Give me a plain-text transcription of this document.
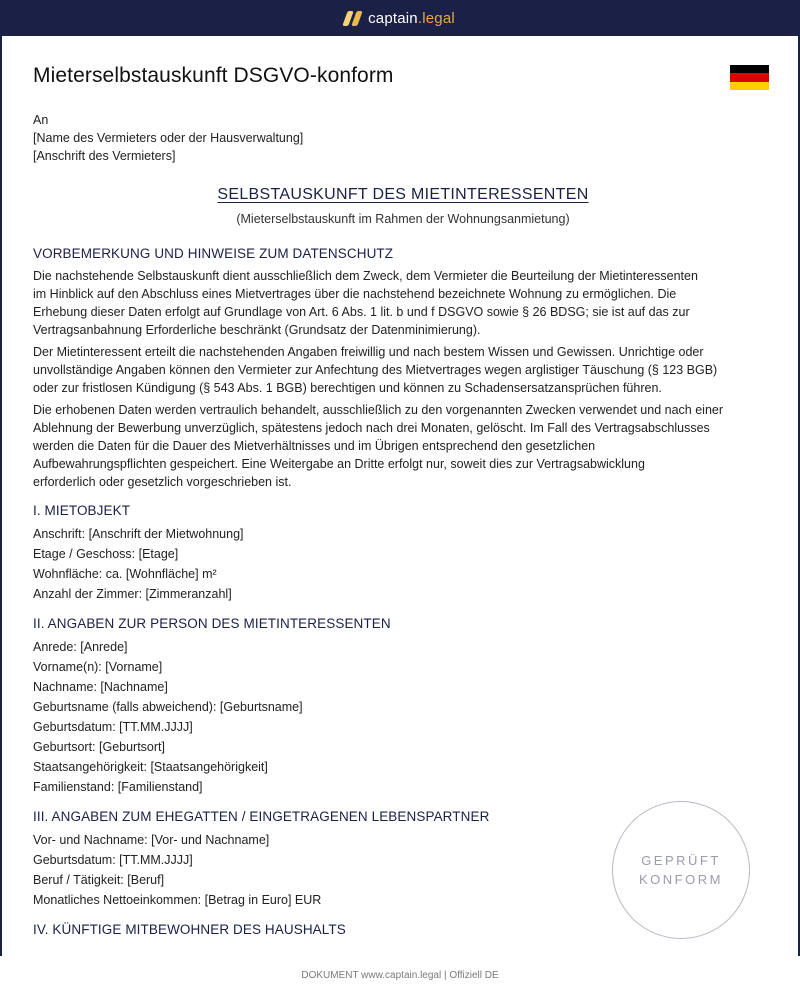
captain.legal
Mieterselbstauskunft DSGVO-konform

An

[Name des Vermieters oder der Hausverwaltung]

[Anschrift des Vermieters]

SELBSTAUSKUNFT DES MIETINTERESSENTEN
(Mieterselbstauskunft im Rahmen der Wohnungsanmietung)
VORBEMERKUNG UND HINWEISE ZUM DATENSCHUTZ
Die nachstehende Selbstauskunft dient ausschließlich dem Zweck, dem Vermieter die Beurteilung der Mietinteressenten
im Hinblick auf den Abschluss eines Mietvertrages über die nachstehend bezeichnete Wohnung zu ermöglichen. Die
Erhebung dieser Daten erfolgt auf Grundlage von Art. 6 Abs. 1 lit. b und f DSGVO sowie § 26 BDSG; sie ist auf das zur
Vertragsanbahnung Erforderliche beschränkt (Grundsatz der Datenminimierung).
Der Mietinteressent erteilt die nachstehenden Angaben freiwillig und nach bestem Wissen und Gewissen. Unrichtige oder
unvollständige Angaben können den Vermieter zur Anfechtung des Mietvertrages wegen arglistiger Täuschung (§ 123 BGB)
oder zur fristlosen Kündigung (§ 543 Abs. 1 BGB) berechtigen und können zu Schadensersatzansprüchen führen.
Die erhobenen Daten werden vertraulich behandelt, ausschließlich zu den vorgenannten Zwecken verwendet und nach einer
Ablehnung der Bewerbung unverzüglich, spätestens jedoch nach drei Monaten, gelöscht. Im Fall des Vertragsabschlusses
werden die Daten für die Dauer des Mietverhältnisses und im Übrigen entsprechend den gesetzlichen
Aufbewahrungspflichten gespeichert. Eine Weitergabe an Dritte erfolgt nur, soweit dies zur Vertragsabwicklung
erforderlich oder gesetzlich vorgeschrieben ist.
I. MIETOBJEKT
Anschrift: [Anschrift der Mietwohnung]
Etage / Geschoss: [Etage]
Wohnfläche: ca. [Wohnfläche] m²
Anzahl der Zimmer: [Zimmeranzahl]
II. ANGABEN ZUR PERSON DES MIETINTERESSENTEN
Anrede: [Anrede]
Vorname(n): [Vorname]
Nachname: [Nachname]
Geburtsname (falls abweichend): [Geburtsname]
Geburtsdatum: [TT.MM.JJJJ]
Geburtsort: [Geburtsort]
Staatsangehörigkeit: [Staatsangehörigkeit]
Familienstand: [Familienstand]
III. ANGABEN ZUM EHEGATTEN / EINGETRAGENEN LEBENSPARTNER
Vor- und Nachname: [Vor- und Nachname]
Geburtsdatum: [TT.MM.JJJJ]
Beruf / Tätigkeit: [Beruf]
Monatliches Nettoeinkommen: [Betrag in Euro] EUR
IV. KÜNFTIGE MITBEWOHNER DES HAUSHALTS
GEPRÜFT
KONFORM
DOKUMENT www.captain.legal | Offiziell DE
